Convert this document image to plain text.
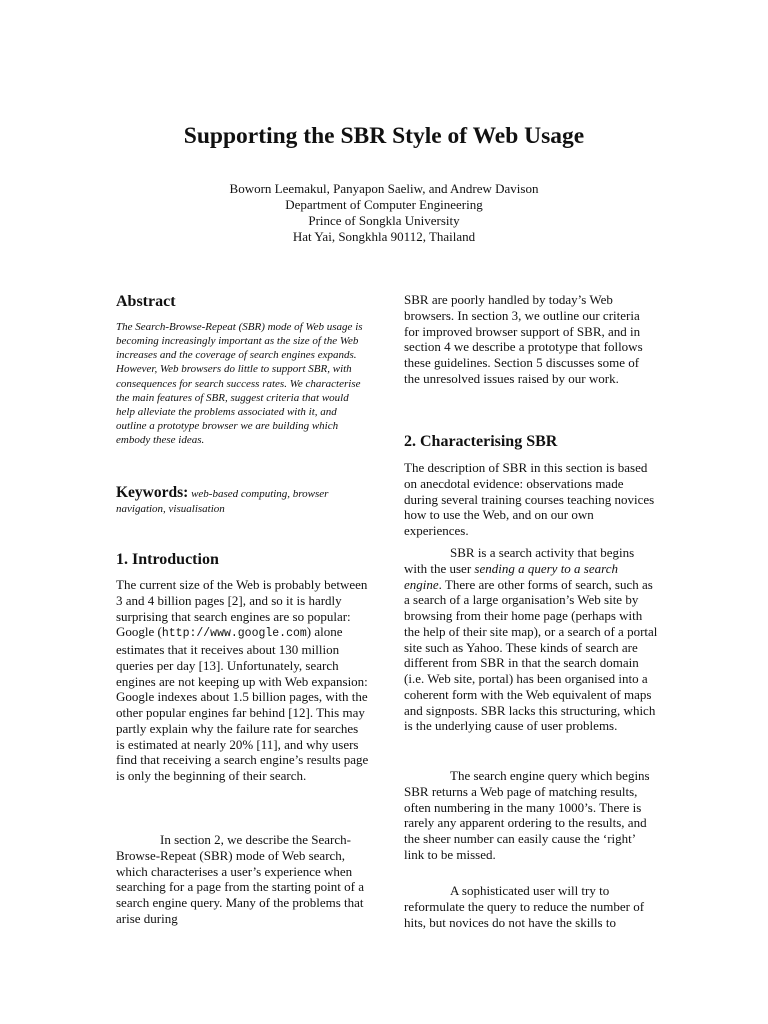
Supporting the SBR Style of Web Usage
Boworn Leemakul, Panyapon Saeliw, and Andrew Davison
Department of Computer Engineering
Prince of Songkla University
Hat Yai, Songkhla 90112, Thailand
Abstract
The Search-Browse-Repeat (SBR) mode of Web usage is becoming increasingly important as the size of the Web increases and the coverage of search engines expands. However, Web browsers do little to support SBR, with consequences for search success rates. We characterise the main features of SBR, suggest criteria that would help alleviate the problems associated with it, and outline a prototype browser we are building which embody these ideas.
Keywords: web-based computing, browser navigation, visualisation
1. Introduction
The current size of the Web is probably between 3 and 4 billion pages [2], and so it is hardly surprising that search engines are so popular: Google (http://www.google.com) alone estimates that it receives about 130 million queries per day [13]. Unfortunately, search engines are not keeping up with Web expansion: Google indexes about 1.5 billion pages, with the other popular engines far behind [12]. This may partly explain why the failure rate for searches is estimated at nearly 20% [11], and why users find that receiving a search engine’s results page is only the beginning of their search.
In section 2, we describe the Search-Browse-Repeat (SBR) mode of Web search, which characterises a user’s experience when searching for a page from the starting point of a search engine query. Many of the problems that arise during
SBR are poorly handled by today’s Web browsers. In section 3, we outline our criteria for improved browser support of SBR, and in section 4 we describe a prototype that follows these guidelines. Section 5 discusses some of the unresolved issues raised by our work.
2. Characterising SBR
The description of SBR in this section is based on anecdotal evidence: observations made during several training courses teaching novices how to use the Web, and on our own experiences.
SBR is a search activity that begins with the user sending a query to a search engine. There are other forms of search, such as a search of a large organisation’s Web site by browsing from their home page (perhaps with the help of their site map), or a search of a portal site such as Yahoo. These kinds of search are different from SBR in that the search domain (i.e. Web site, portal) has been organised into a coherent form with the Web equivalent of maps and signposts. SBR lacks this structuring, which is the underlying cause of user problems.
The search engine query which begins SBR returns a Web page of matching results, often numbering in the many 1000’s. There is rarely any apparent ordering to the results, and the sheer number can easily cause the ‘right’ link to be missed.
A sophisticated user will try to reformulate the query to reduce the number of hits, but novices do not have the skills to
